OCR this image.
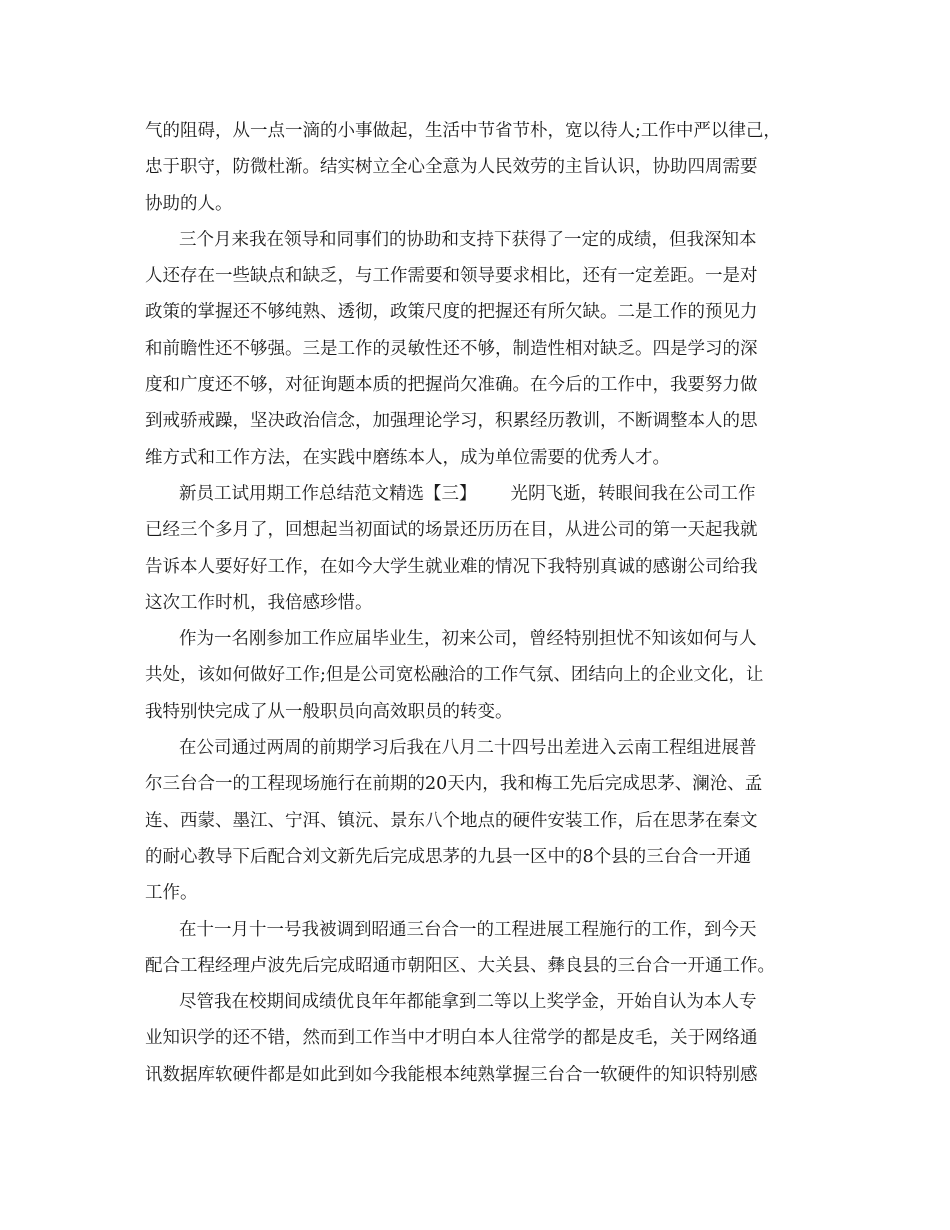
气的阻碍，从一点一滴的小事做起，生活中节省节朴，宽以待人;工作中严以律己，
忠于职守，防微杜渐。结实树立全心全意为人民效劳的主旨认识，协助四周需要
协助的人。
三个月来我在领导和同事们的协助和支持下获得了一定的成绩，但我深知本
人还存在一些缺点和缺乏，与工作需要和领导要求相比，还有一定差距。一是对
政策的掌握还不够纯熟、透彻，政策尺度的把握还有所欠缺。二是工作的预见力
和前瞻性还不够强。三是工作的灵敏性还不够，制造性相对缺乏。四是学习的深
度和广度还不够，对征询题本质的把握尚欠准确。在今后的工作中，我要努力做
到戒骄戒躁，坚决政治信念，加强理论学习，积累经历教训，不断调整本人的思
维方式和工作方法，在实践中磨练本人，成为单位需要的优秀人才。
新员工试用期工作总结范文精选【三】 光阴飞逝，转眼间我在公司工作
已经三个多月了，回想起当初面试的场景还历历在目，从进公司的第一天起我就
告诉本人要好好工作，在如今大学生就业难的情况下我特别真诚的感谢公司给我
这次工作时机，我倍感珍惜。
作为一名刚参加工作应届毕业生，初来公司，曾经特别担忧不知该如何与人
共处，该如何做好工作;但是公司宽松融洽的工作气氛、团结向上的企业文化，让
我特别快完成了从一般职员向高效职员的转变。
在公司通过两周的前期学习后我在八月二十四号出差进入云南工程组进展普
尔三台合一的工程现场施行在前期的20天内，我和梅工先后完成思茅、澜沧、孟
连、西蒙、墨江、宁洱、镇沅、景东八个地点的硬件安装工作，后在思茅在秦文
的耐心教导下后配合刘文新先后完成思茅的九县一区中的8个县的三台合一开通
工作。
在十一月十一号我被调到昭通三台合一的工程进展工程施行的工作，到今天
配合工程经理卢波先后完成昭通市朝阳区、大关县、彝良县的三台合一开通工作。
尽管我在校期间成绩优良年年都能拿到二等以上奖学金，开始自认为本人专
业知识学的还不错，然而到工作当中才明白本人往常学的都是皮毛，关于网络通
讯数据库软硬件都是如此到如今我能根本纯熟掌握三台合一软硬件的知识特别感
